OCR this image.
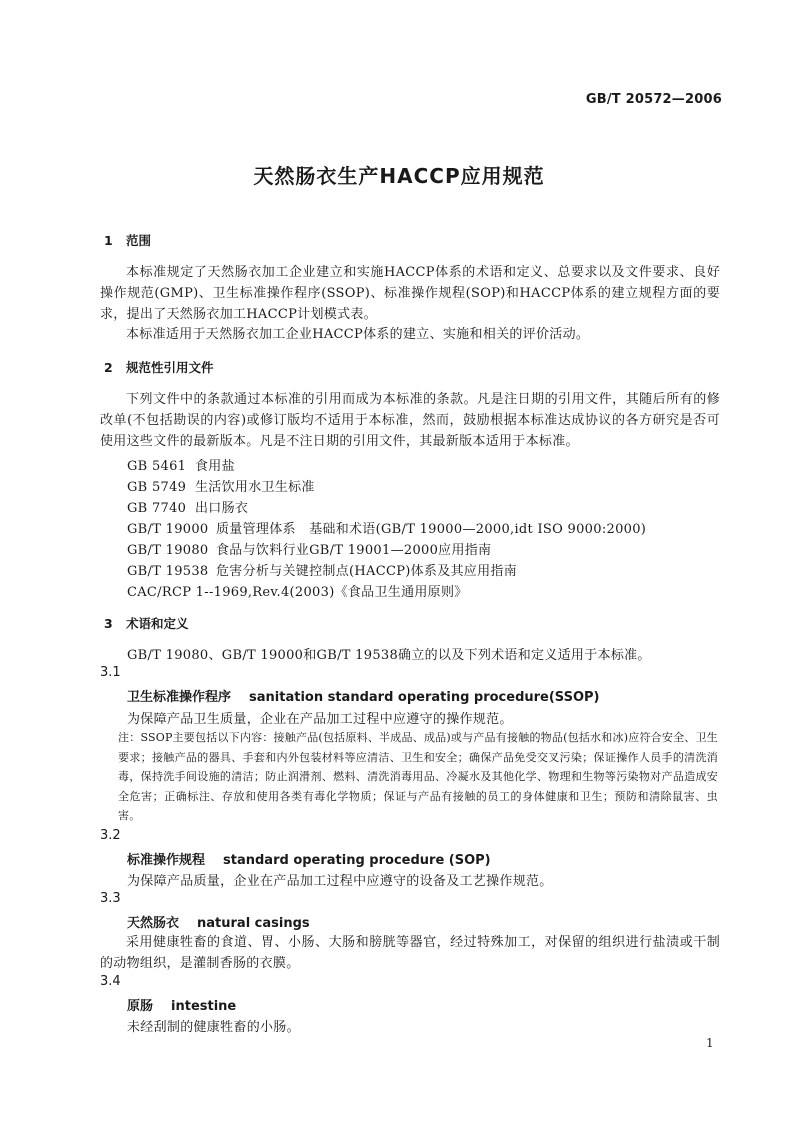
GB/T 20572—2006
天然肠衣生产HACCP应用规范
1 范围
本标准规定了天然肠衣加工企业建立和实施HACCP体系的术语和定义、总要求以及文件要求、良好操作规范(GMP)、卫生标准操作程序(SSOP)、标准操作规程(SOP)和HACCP体系的建立规程方面的要求，提出了天然肠衣加工HACCP计划模式表。
本标准适用于天然肠衣加工企业HACCP体系的建立、实施和相关的评价活动。
2 规范性引用文件
下列文件中的条款通过本标准的引用而成为本标准的条款。凡是注日期的引用文件，其随后所有的修改单(不包括勘误的内容)或修订版均不适用于本标准，然而，鼓励根据本标准达成协议的各方研究是否可使用这些文件的最新版本。凡是不注日期的引用文件，其最新版本适用于本标准。
GB 5461 食用盐
GB 5749 生活饮用水卫生标准
GB 7740 出口肠衣
GB/T 19000 质量管理体系　基础和术语(GB/T 19000—2000,idt ISO 9000:2000)
GB/T 19080 食品与饮料行业GB/T 19001—2000应用指南
GB/T 19538 危害分析与关键控制点(HACCP)体系及其应用指南
CAC/RCP 1--1969,Rev.4(2003)《食品卫生通用原则》
3 术语和定义
GB/T 19080、GB/T 19000和GB/T 19538确立的以及下列术语和定义适用于本标准。
3.1
卫生标准操作程序 sanitation standard operating procedure(SSOP)
为保障产品卫生质量，企业在产品加工过程中应遵守的操作规范。
注：SSOP主要包括以下内容：接触产品(包括原料、半成品、成品)或与产品有接触的物品(包括水和冰)应符合安全、卫生要求；接触产品的器具、手套和内外包装材料等应清洁、卫生和安全；确保产品免受交叉污染；保证操作人员手的清洗消毒，保持洗手间设施的清洁；防止润滑剂、燃料、清洗消毒用品、冷凝水及其他化学、物理和生物等污染物对产品造成安全危害；正确标注、存放和使用各类有毒化学物质；保证与产品有接触的员工的身体健康和卫生；预防和清除鼠害、虫害。
3.2
标准操作规程 standard operating procedure (SOP)
为保障产品质量，企业在产品加工过程中应遵守的设备及工艺操作规范。
3.3
天然肠衣 natural casings
采用健康牲畜的食道、胃、小肠、大肠和膀胱等器官，经过特殊加工，对保留的组织进行盐渍或干制的动物组织，是灌制香肠的衣膜。
3.4
原肠 intestine
未经刮制的健康牲畜的小肠。
1
